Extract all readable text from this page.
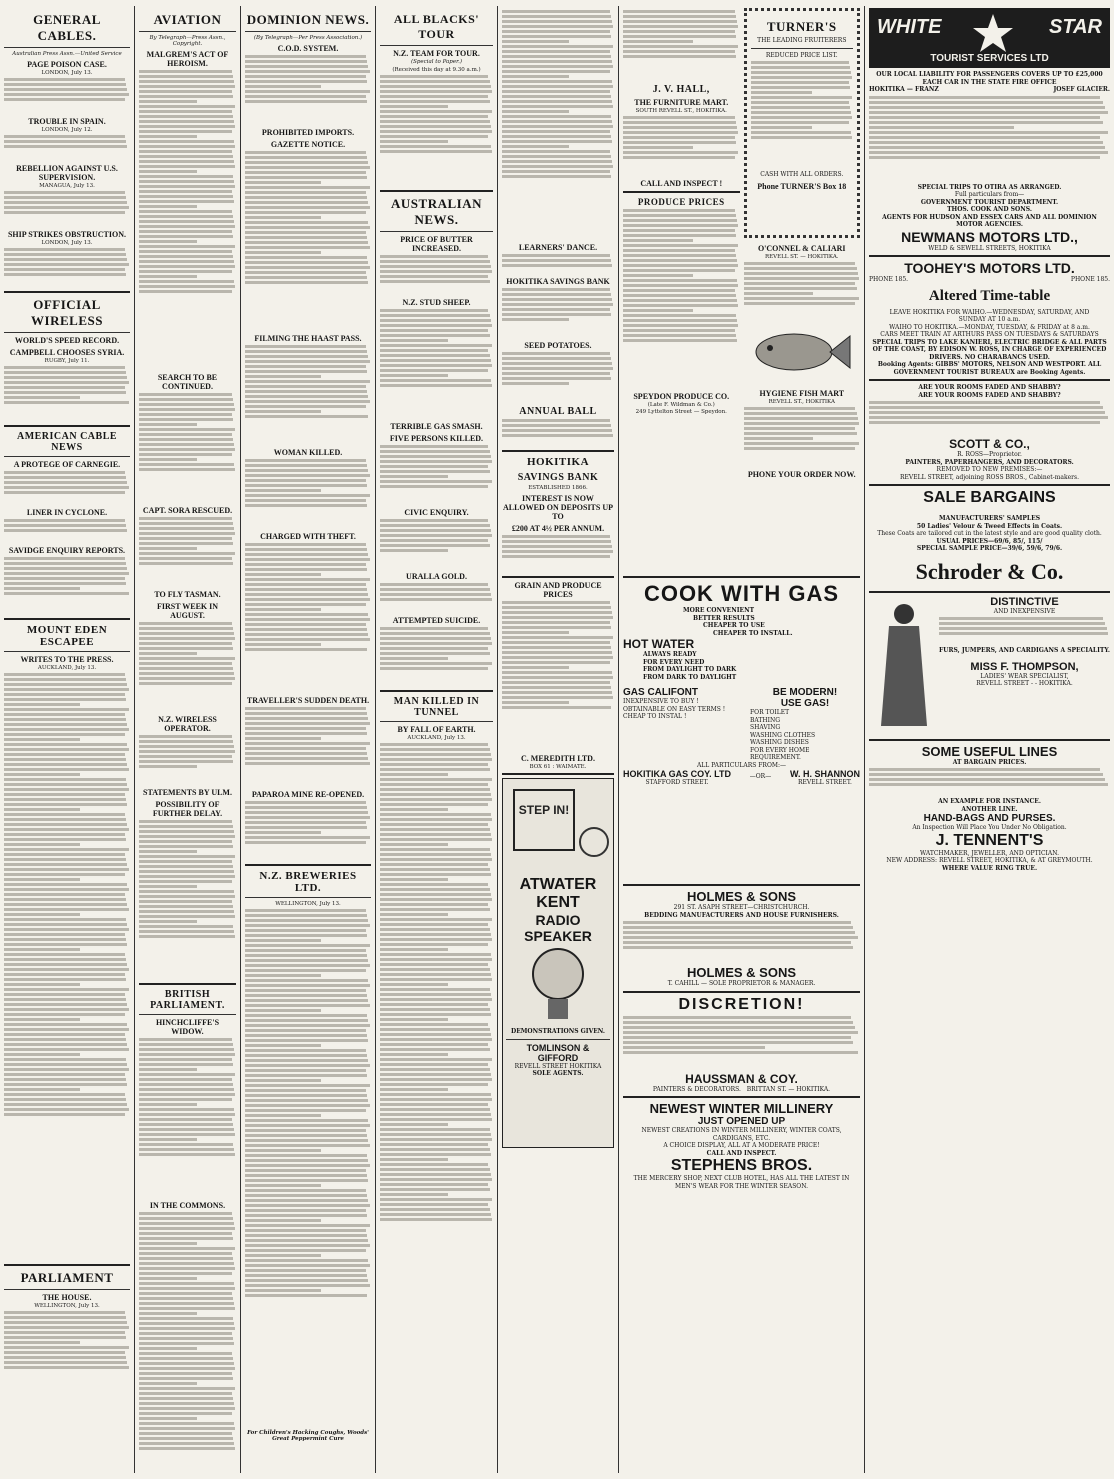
GENERAL CABLES.
Australian Press Assn.—United Service
PAGE POISON CASE.
LONDON, July 13.
TROUBLE IN SPAIN.
LONDON, July 12.
REBELLION AGAINST U.S. SUPERVISION.
MANAGUA, July 13.
SHIP STRIKES OBSTRUCTION.
LONDON, July 13.
OFFICIAL WIRELESS
WORLD'S SPEED RECORD.
CAMPBELL CHOOSES SYRIA.
RUGBY, July 11.
AMERICAN CABLE NEWS
A PROTEGE OF CARNEGIE.
LINER IN CYCLONE.
SAVIDGE ENQUIRY REPORTS.
MOUNT EDEN ESCAPEE
WRITES TO THE PRESS.
AUCKLAND, July 13.
PARLIAMENT
THE HOUSE.
WELLINGTON, July 13.
AVIATION
By Telegraph—Press Assn., Copyright.
MALGREM'S ACT OF HEROISM.
SEARCH TO BE CONTINUED.
CAPT. SORA RESCUED.
TO FLY TASMAN.
FIRST WEEK IN AUGUST.
N.Z. WIRELESS OPERATOR.
STATEMENTS BY ULM.
POSSIBILITY OF FURTHER DELAY.
BRITISH PARLIAMENT.
HINCHCLIFFE'S WIDOW.
IN THE COMMONS.
DOMINION NEWS.
(By Telegraph—Per Press Association.)
C.O.D. SYSTEM.
PROHIBITED IMPORTS.
GAZETTE NOTICE.
FILMING THE HAAST PASS.
WOMAN KILLED.
CHARGED WITH THEFT.
TRAVELLER'S SUDDEN DEATH.
PAPAROA MINE RE-OPENED.
N.Z. BREWERIES LTD.
WELLINGTON, July 13.
For Children's Hacking Coughs, Woods' Great Peppermint Cure
ALL BLACKS' TOUR
N.Z. TEAM FOR TOUR.
(Special to Paper.)
(Received this day at 9.30 a.m.)
AUSTRALIAN NEWS.
PRICE OF BUTTER INCREASED.
N.Z. STUD SHEEP.
TERRIBLE GAS SMASH.
FIVE PERSONS KILLED.
CIVIC ENQUIRY.
URALLA GOLD.
ATTEMPTED SUICIDE.
MAN KILLED IN TUNNEL
BY FALL OF EARTH.
AUCKLAND, July 13.
LEARNERS' DANCE.
HOKITIKA SAVINGS BANK
SEED POTATOES.
ANNUAL BALL
HOKITIKA
SAVINGS BANK
ESTABLISHED 1866.
INTEREST IS NOW ALLOWED ON DEPOSITS UP TO
£200 AT 4½ PER ANNUM.
GRAIN AND PRODUCE PRICES
C. MEREDITH LTD.
BOX 61 : WAIMATE.
STEP IN!
ATWATER KENT
RADIO SPEAKER
DEMONSTRATIONS GIVEN.
TOMLINSON & GIFFORD
REVELL STREET HOKITIKA
SOLE AGENTS.
J. V. HALL,
THE FURNITURE MART.
SOUTH REVELL ST., HOKITIKA.
CALL AND INSPECT !
PRODUCE PRICES
SPEYDON PRODUCE CO.
(Late F. Wildman & Co.)
249 Lyttelton Street — Speydon.
TURNER'S
THE LEADING FRUITERERS
REDUCED PRICE LIST.
CASH WITH ALL ORDERS.
Phone TURNER'S Box 18
O'CONNEL & CALIARI
REVELL ST. — HOKITIKA.
HYGIENE FISH MART
REVELL ST., HOKITIKA
PHONE YOUR ORDER NOW.
COOK WITH GAS
MORE CONVENIENT
BETTER RESULTS
CHEAPER TO USE
CHEAPER TO INSTALL.
HOT WATER
ALWAYS READY
FOR EVERY NEED
FROM DAYLIGHT TO DARK
FROM DARK TO DAYLIGHT
GAS CALIFONT
INEXPENSIVE TO BUY !
OBTAINABLE ON EASY TERMS !
CHEAP TO INSTAL !
BE MODERN!
USE GAS!
FOR TOILET
BATHING
SHAVING
WASHING CLOTHES
WASHING DISHES
FOR EVERY HOME
REQUIREMENT.
ALL PARTICULARS FROM:—
HOKITIKA GAS COY. LTD
STAFFORD STREET.
—OR— W. H. SHANNON
REVELL STREET.
HOLMES & SONS
291 ST. ASAPH STREET—CHRISTCHURCH.
BEDDING MANUFACTURERS AND HOUSE FURNISHERS.
HOLMES & SONS
T. CAHILL — SOLE PROPRIETOR & MANAGER.
DISCRETION!
HAUSSMAN & COY.
PAINTERS & DECORATORS. BRITTAN ST. — HOKITIKA.
NEWEST WINTER MILLINERY
JUST OPENED UP
NEWEST CREATIONS IN WINTER MILLINERY, WINTER COATS, CARDIGANS, ETC.
A CHOICE DISPLAY, ALL AT A MODERATE PRICE!
CALL AND INSPECT.
STEPHENS BROS.
THE MERCERY SHOP, NEXT CLUB HOTEL, HAS ALL THE LATEST IN MEN'S WEAR FOR THE WINTER SEASON.
WHITE	STAR
TOURIST SERVICES LTD
OUR LOCAL LIABILITY FOR PASSENGERS COVERS UP TO £25,000 EACH CAR IN THE STATE FIRE OFFICE
HOKITIKA — FRANZ	JOSEF GLACIER.
SPECIAL TRIPS TO OTIRA AS ARRANGED.
Full particulars from—
GOVERNMENT TOURIST DEPARTMENT.
THOS. COOK AND SONS.
AGENTS FOR HUDSON AND ESSEX CARS AND ALL DOMINION MOTOR AGENCIES.
NEWMANS MOTORS LTD.,
WELD & SEWELL STREETS, HOKITIKA
TOOHEY'S MOTORS LTD.
PHONE 185.	PHONE 185.
Altered Time-table
LEAVE HOKITIKA FOR WAIHO.—WEDNESDAY, SATURDAY, AND
SUNDAY AT 10 a.m.
WAIHO TO HOKITIKA.—MONDAY, TUESDAY, & FRIDAY at 8 a.m.
CARS MEET TRAIN AT ARTHURS PASS ON TUESDAYS & SATURDAYS
SPECIAL TRIPS TO LAKE KANIERI, ELECTRIC BRIDGE & ALL PARTS OF THE COAST, BY EDISON W. ROSS, IN CHARGE OF EXPERIENCED DRIVERS. NO CHARABANCS USED.
Booking Agents: GIBBS' MOTORS, NELSON AND WESTPORT. ALL GOVERNMENT TOURIST BUREAUX are Booking Agents.
ARE YOUR ROOMS FADED AND SHABBY?
ARE YOUR ROOMS FADED AND SHABBY?
SCOTT & CO.,
R. ROSS—Proprietor.
PAINTERS, PAPERHANGERS, AND DECORATORS.
REMOVED TO NEW PREMISES:—
REVELL STREET, adjoining ROSS BROS., Cabinet-makers.
SALE BARGAINS
MANUFACTURERS' SAMPLES
50 Ladies' Velour & Tweed Effects in Coats.
These Coats are tailored cut in the latest style and are good quality cloth.
USUAL PRICES—69/6, 85/, 115/
SPECIAL SAMPLE PRICE—39/6, 59/6, 79/6.
Schroder & Co.
DISTINCTIVE
AND INEXPENSIVE
FURS, JUMPERS, AND CARDIGANS A SPECIALITY.
MISS F. THOMPSON,
LADIES' WEAR SPECIALIST,
REVELL STREET - - HOKITIKA.
SOME USEFUL LINES
AT BARGAIN PRICES.
AN EXAMPLE FOR INSTANCE.
ANOTHER LINE.
HAND-BAGS AND PURSES.
An Inspection Will Place You Under No Obligation.
J. TENNENT'S
WATCHMAKER, JEWELLER, AND OPTICIAN.
NEW ADDRESS: REVELL STREET, HOKITIKA, & AT GREYMOUTH.
WHERE VALUE RING TRUE.
